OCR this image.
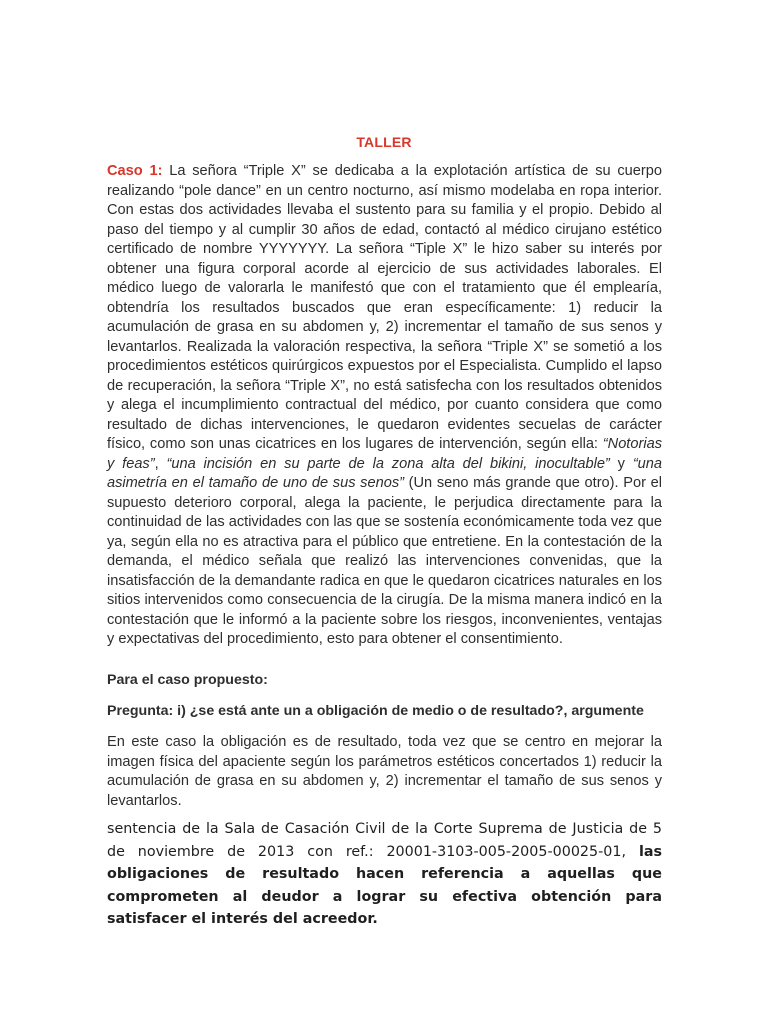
TALLER
Caso 1: La señora “Triple X” se dedicaba a la explotación artística de su cuerpo realizando “pole dance” en un centro nocturno, así mismo modelaba en ropa interior. Con estas dos actividades llevaba el sustento para su familia y el propio. Debido al paso del tiempo y al cumplir 30 años de edad, contactó al médico cirujano estético certificado de nombre YYYYYYY. La señora “Tiple X” le hizo saber su interés por obtener una figura corporal acorde al ejercicio de sus actividades laborales. El médico luego de valorarla le manifestó que con el tratamiento que él emplearía, obtendría los resultados buscados que eran específicamente: 1) reducir la acumulación de grasa en su abdomen y, 2) incrementar el tamaño de sus senos y levantarlos. Realizada la valoración respectiva, la señora “Triple X” se sometió a los procedimientos estéticos quirúrgicos expuestos por el Especialista. Cumplido el lapso de recuperación, la señora “Triple X”, no está satisfecha con los resultados obtenidos y alega el incumplimiento contractual del médico, por cuanto considera que como resultado de dichas intervenciones, le quedaron evidentes secuelas de carácter físico, como son unas cicatrices en los lugares de intervención, según ella: “Notorias y feas”, “una incisión en su parte de la zona alta del bikini, inocultable” y “una asimetría en el tamaño de uno de sus senos” (Un seno más grande que otro). Por el supuesto deterioro corporal, alega la paciente, le perjudica directamente para la continuidad de las actividades con las que se sostenía económicamente toda vez que ya, según ella no es atractiva para el público que entretiene. En la contestación de la demanda, el médico señala que realizó las intervenciones convenidas, que la insatisfacción de la demandante radica en que le quedaron cicatrices naturales en los sitios intervenidos como consecuencia de la cirugía. De la misma manera indicó en la contestación que le informó a la paciente sobre los riesgos, inconvenientes, ventajas y expectativas del procedimiento, esto para obtener el consentimiento.
Para el caso propuesto:
Pregunta: i) ¿se está ante un a obligación de medio o de resultado?, argumente
En este caso la obligación es de resultado, toda vez que se centro en mejorar la imagen física del apaciente según los parámetros estéticos concertados 1) reducir la acumulación de grasa en su abdomen y, 2) incrementar el tamaño de sus senos y levantarlos.
sentencia de la Sala de Casación Civil de la Corte Suprema de Justicia de 5 de noviembre de 2013 con ref.: 20001-3103-005-2005-00025-01, las obligaciones de resultado hacen referencia a aquellas que comprometen al deudor a lograr su efectiva obtención para satisfacer el interés del acreedor.
